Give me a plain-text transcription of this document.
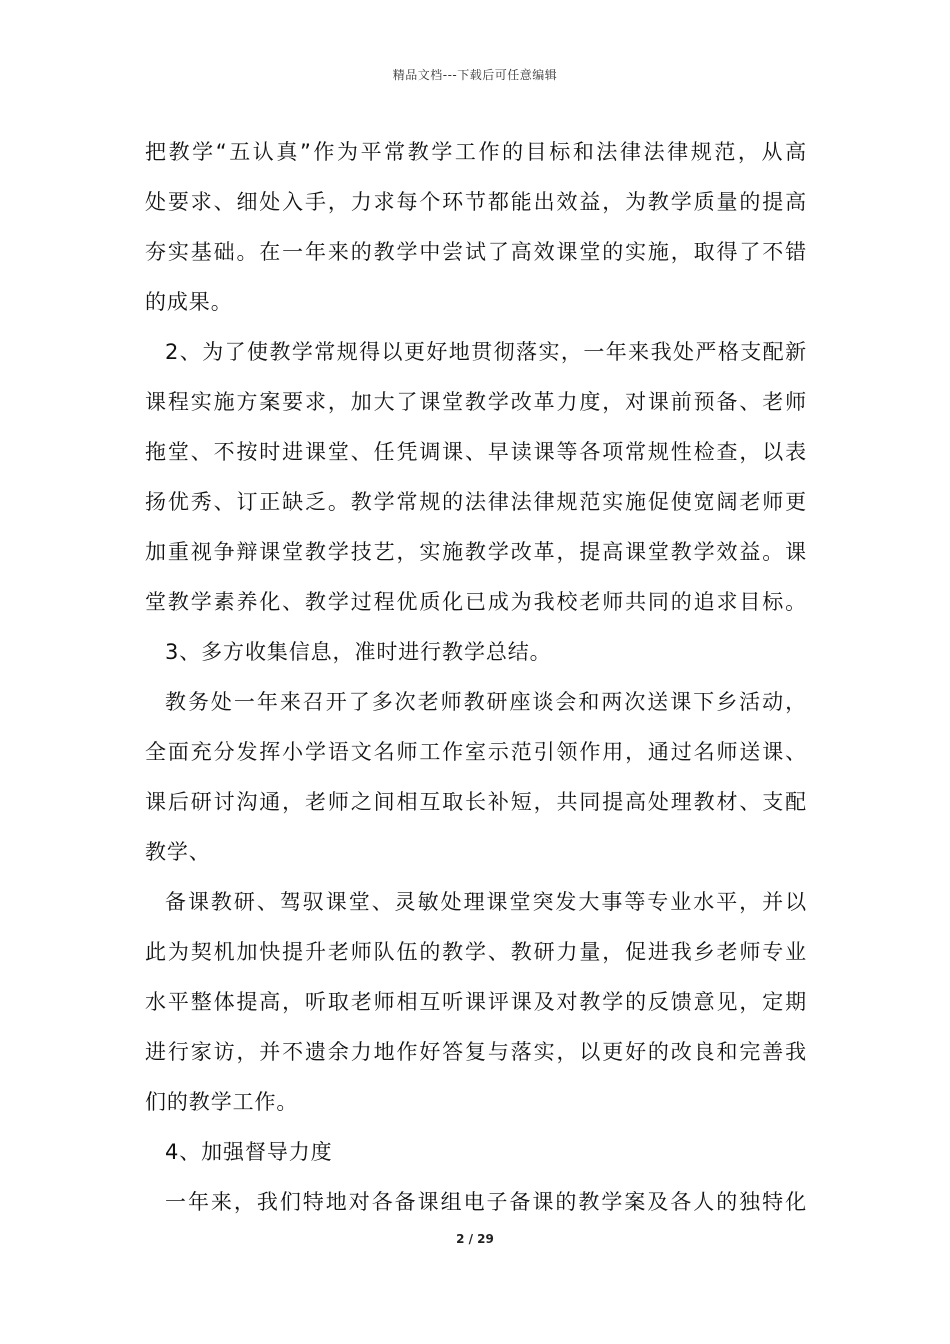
精品文档---下载后可任意编辑
把教学“五认真”作为平常教学工作的目标和法律法律规范，从高
处要求、细处入手，力求每个环节都能出效益，为教学质量的提高
夯实基础。在一年来的教学中尝试了高效课堂的实施，取得了不错
的成果。
2、为了使教学常规得以更好地贯彻落实，一年来我处严格支配新
课程实施方案要求，加大了课堂教学改革力度，对课前预备、老师
拖堂、不按时进课堂、任凭调课、早读课等各项常规性检查，以表
扬优秀、订正缺乏。教学常规的法律法律规范实施促使宽阔老师更
加重视争辩课堂教学技艺，实施教学改革，提高课堂教学效益。课
堂教学素养化、教学过程优质化已成为我校老师共同的追求目标。
3、多方收集信息，准时进行教学总结。
教务处一年来召开了多次老师教研座谈会和两次送课下乡活动，
全面充分发挥小学语文名师工作室示范引领作用，通过名师送课、
课后研讨沟通，老师之间相互取长补短，共同提高处理教材、支配
教学、
备课教研、驾驭课堂、灵敏处理课堂突发大事等专业水平，并以
此为契机加快提升老师队伍的教学、教研力量，促进我乡老师专业
水平整体提高，听取老师相互听课评课及对教学的反馈意见，定期
进行家访，并不遗余力地作好答复与落实，以更好的改良和完善我
们的教学工作。
4、加强督导力度
一年来，我们特地对各备课组电子备课的教学案及各人的独特化
2 / 29
